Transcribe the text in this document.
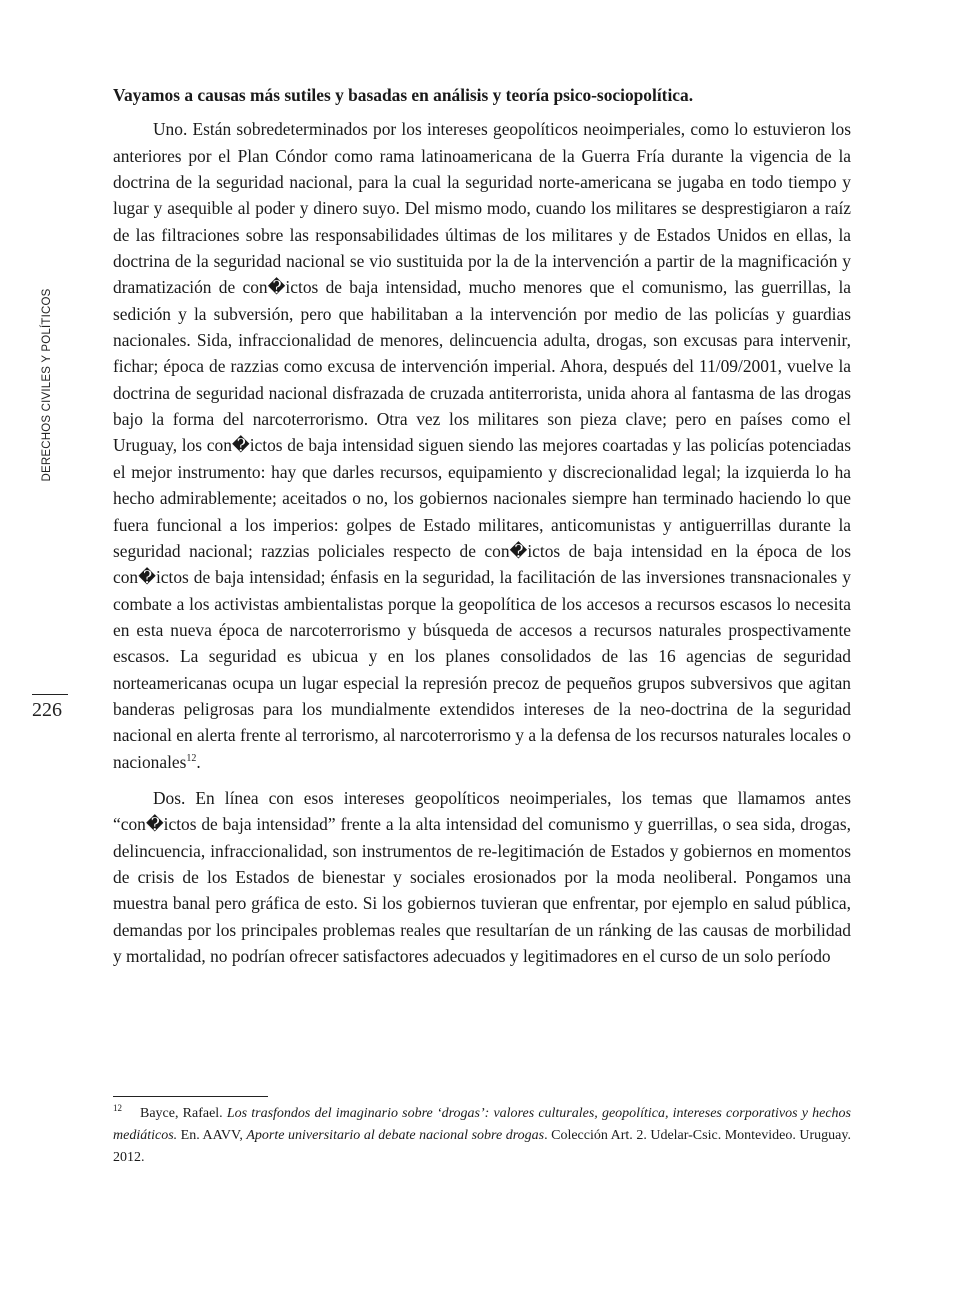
DERECHOS CIVILES Y POLÍTICOS
226

Vayamos a causas más sutiles y basadas en análisis y teoría psico-sociopolítica.

Uno. Están sobredeterminados por los intereses geopolíticos neoimperiales, como lo estuvieron los anteriores por el Plan Cóndor como rama latinoamericana de la Guerra Fría durante la vigencia de la doctrina de la seguridad nacional, para la cual la seguridad norte-americana se jugaba en todo tiempo y lugar y asequible al poder y dinero suyo. Del mismo modo, cuando los militares se desprestigiaron a raíz de las filtraciones sobre las responsabilidades últimas de los militares y de Estados Unidos en ellas, la doctrina de la seguridad nacional se vio sustituida por la de la intervención a partir de la magnificación y dramatización de con�ictos de baja intensidad, mucho menores que el comunismo, las guerrillas, la sedición y la subversión, pero que habilitaban a la intervención por medio de las policías y guardias nacionales. Sida, infraccionalidad de menores, delincuencia adulta, drogas, son excusas para intervenir, fichar; época de razzias como excusa de intervención imperial. Ahora, después del 11/09/2001, vuelve la doctrina de seguridad nacional disfrazada de cruzada antiterrorista, unida ahora al fantasma de las drogas bajo la forma del narcoterrorismo. Otra vez los militares son pieza clave; pero en países como el Uruguay, los con�ictos de baja intensidad siguen siendo las mejores coartadas y las policías potenciadas el mejor instrumento: hay que darles recursos, equipamiento y discrecionalidad legal; la izquierda lo ha hecho admirablemente; aceitados o no, los gobiernos nacionales siempre han terminado haciendo lo que fuera funcional a los imperios: golpes de Estado militares, anticomunistas y antiguerrillas durante la seguridad nacional; razzias policiales respecto de con�ictos de baja intensidad en la época de los con�ictos de baja intensidad; énfasis en la seguridad, la facilitación de las inversiones transnacionales y combate a los activistas ambientalistas porque la geopolítica de los accesos a recursos escasos lo necesita en esta nueva época de narcoterrorismo y búsqueda de accesos a recursos naturales prospectivamente escasos. La seguridad es ubicua y en los planes consolidados de las 16 agencias de seguridad norteamericanas ocupa un lugar especial la represión precoz de pequeños grupos subversivos que agitan banderas peligrosas para los mundialmente extendidos intereses de la neo-doctrina de la seguridad nacional en alerta frente al terrorismo, al narcoterrorismo y a la defensa de los recursos naturales locales o nacionales$^{12}$.

Dos. En línea con esos intereses geopolíticos neoimperiales, los temas que llamamos antes “con�ictos de baja intensidad” frente a la alta intensidad del comunismo y guerrillas, o sea sida, drogas, delincuencia, infraccionalidad, son instrumentos de re-legitimación de Estados y gobiernos en momentos de crisis de los Estados de bienestar y sociales erosionados por la moda neoliberal. Pongamos una muestra banal pero gráfica de esto. Si los gobiernos tuvieran que enfrentar, por ejemplo en salud pública, demandas por los principales problemas reales que resultarían de un ránking de las causas de morbilidad y mortalidad, no podrían ofrecer satisfactores adecuados y legitimadores en el curso de un solo período

$^{12}$ Bayce, Rafael. Los trasfondos del imaginario sobre ‘drogas’: valores culturales, geopolítica, intereses corporativos y hechos mediáticos. En. AAVV, Aporte universitario al debate nacional sobre drogas. Colección Art. 2. Udelar-Csic. Montevideo. Uruguay. 2012.
